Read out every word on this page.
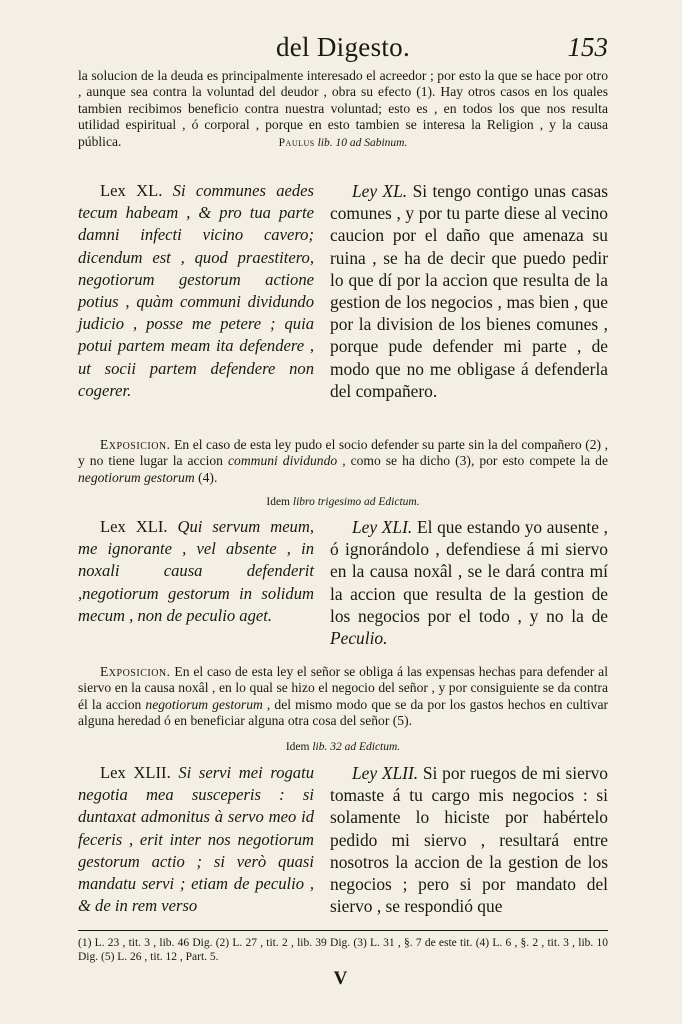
del Digesto.	153
la solucion de la deuda es principalmente interesado el acreedor ; por esto la que se hace por otro , aunque sea contra la voluntad del deudor , obra su efecto (1). Hay otros casos en los quales tambien recibimos beneficio contra nuestra voluntad; esto es , en todos los que nos resulta utilidad espiritual , ó corporal , porque en esto tambien se interesa la Religion , y la causa pública.	Paulus lib. 10 ad Sabinum.
Lex XL. Si communes aedes tecum habeam , & pro tua parte damni infecti vicino cavero; dicendum est , quod praestitero, negotiorum gestorum actione potius , quàm communi dividundo judicio , posse me petere ; quia potui partem meam ita defendere , ut socii partem defendere non cogerer.
Ley XL. Si tengo contigo unas casas comunes , y por tu parte diese al vecino caucion por el daño que amenaza su ruina , se ha de decir que puedo pedir lo que dí por la accion que resulta de la gestion de los negocios , mas bien , que por la division de los bienes comunes , porque pude defender mi parte , de modo que no me obligase á defenderla del compañero.
Exposicion. En el caso de esta ley pudo el socio defender su parte sin la del compañero (2) , y no tiene lugar la accion communi dividundo , como se ha dicho (3), por esto compete la de negotiorum gestorum (4).
Idem libro trigesimo ad Edictum.
Lex XLI. Qui servum meum, me ignorante , vel absente , in noxali causa defenderit ,negotiorum gestorum in solidum mecum , non de peculio aget.
Ley XLI. El que estando yo ausente , ó ignorándolo , defendiese á mi siervo en la causa noxâl , se le dará contra mí la accion que resulta de la gestion de los negocios por el todo , y no la de Peculio.
Exposicion. En el caso de esta ley el señor se obliga á las expensas hechas para defender al siervo en la causa noxâl , en lo qual se hizo el negocio del señor , y por consiguiente se da contra él la accion negotiorum gestorum , del mismo modo que se da por los gastos hechos en cultivar alguna heredad ó en beneficiar alguna otra cosa del señor (5).
Idem lib. 32 ad Edictum.
Lex XLII. Si servi mei rogatu negotia mea susceperis : si duntaxat admonitus à servo meo id feceris , erit inter nos negotiorum gestorum actio ; si verò quasi mandatu servi ; etiam de peculio , & de in rem verso
Ley XLII. Si por ruegos de mi siervo tomaste á tu cargo mis negocios : si solamente lo hiciste por habértelo pedido mi siervo , resultará entre nosotros la accion de la gestion de los negocios ; pero si por mandato del siervo , se respondió que
(1) L. 23 , tit. 3 , lib. 46 Dig. (2) L. 27 , tit. 2 , lib. 39 Dig. (3) L. 31 , §. 7 de este tit. (4) L. 6 , §. 2 , tit. 3 , lib. 10 Dig. (5) L. 26 , tit. 12 , Part. 5.
V
